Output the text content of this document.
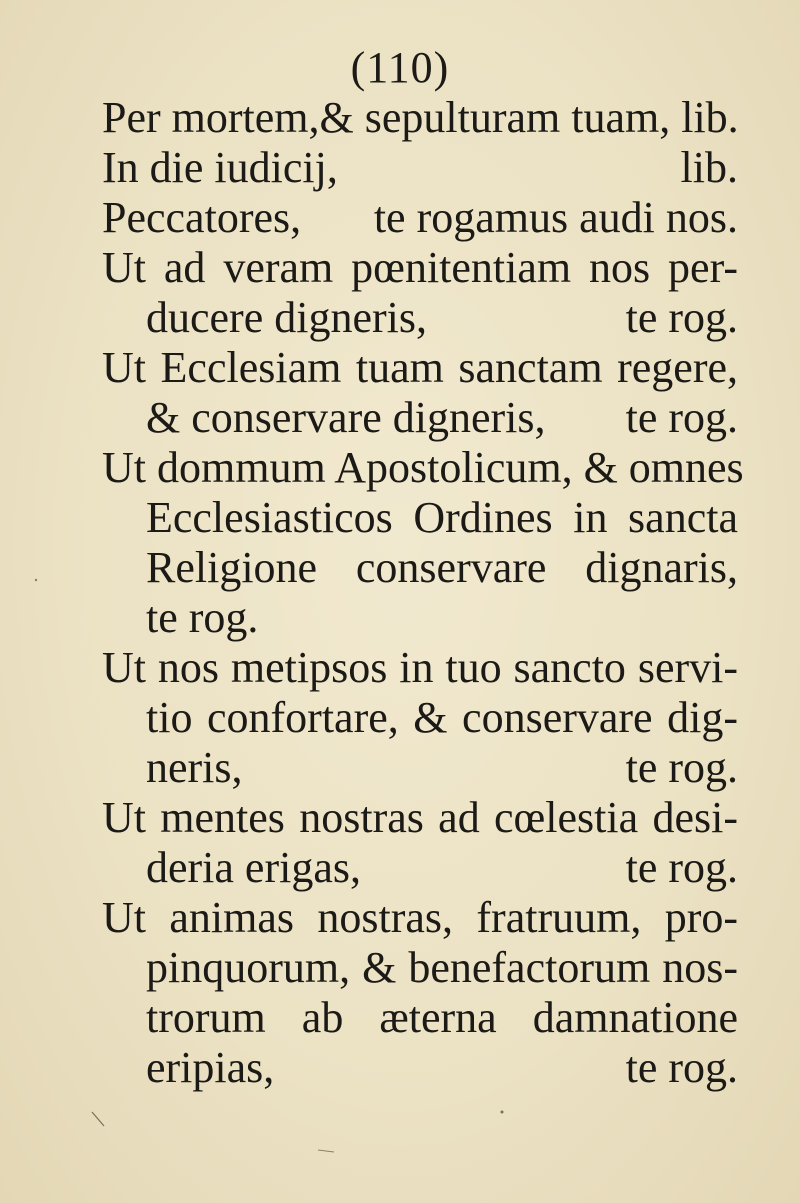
(110)
Per mortem,& sepulturam tuam, lib.
In die iudicij,	lib.
Peccatores, te rogamus audi nos.
Ut ad veram pœnitentiam nos per-
ducere digneris,	te rog.
Ut Ecclesiam tuam sanctam regere,
& conservare digneris, te rog.
Ut dommum Apostolicum, & omnes
Ecclesiasticos Ordines in sancta
Religione conservare dignaris,
te rog.
Ut nos metipsos in tuo sancto servi-
tio confortare, & conservare dig-
neris,	te rog.
Ut mentes nostras ad cœlestia desi-
deria erigas,	te rog.
Ut animas nostras, fratruum, pro-
pinquorum, & benefactorum nos-
trorum ab æterna damnatione
eripias,	te rog.
